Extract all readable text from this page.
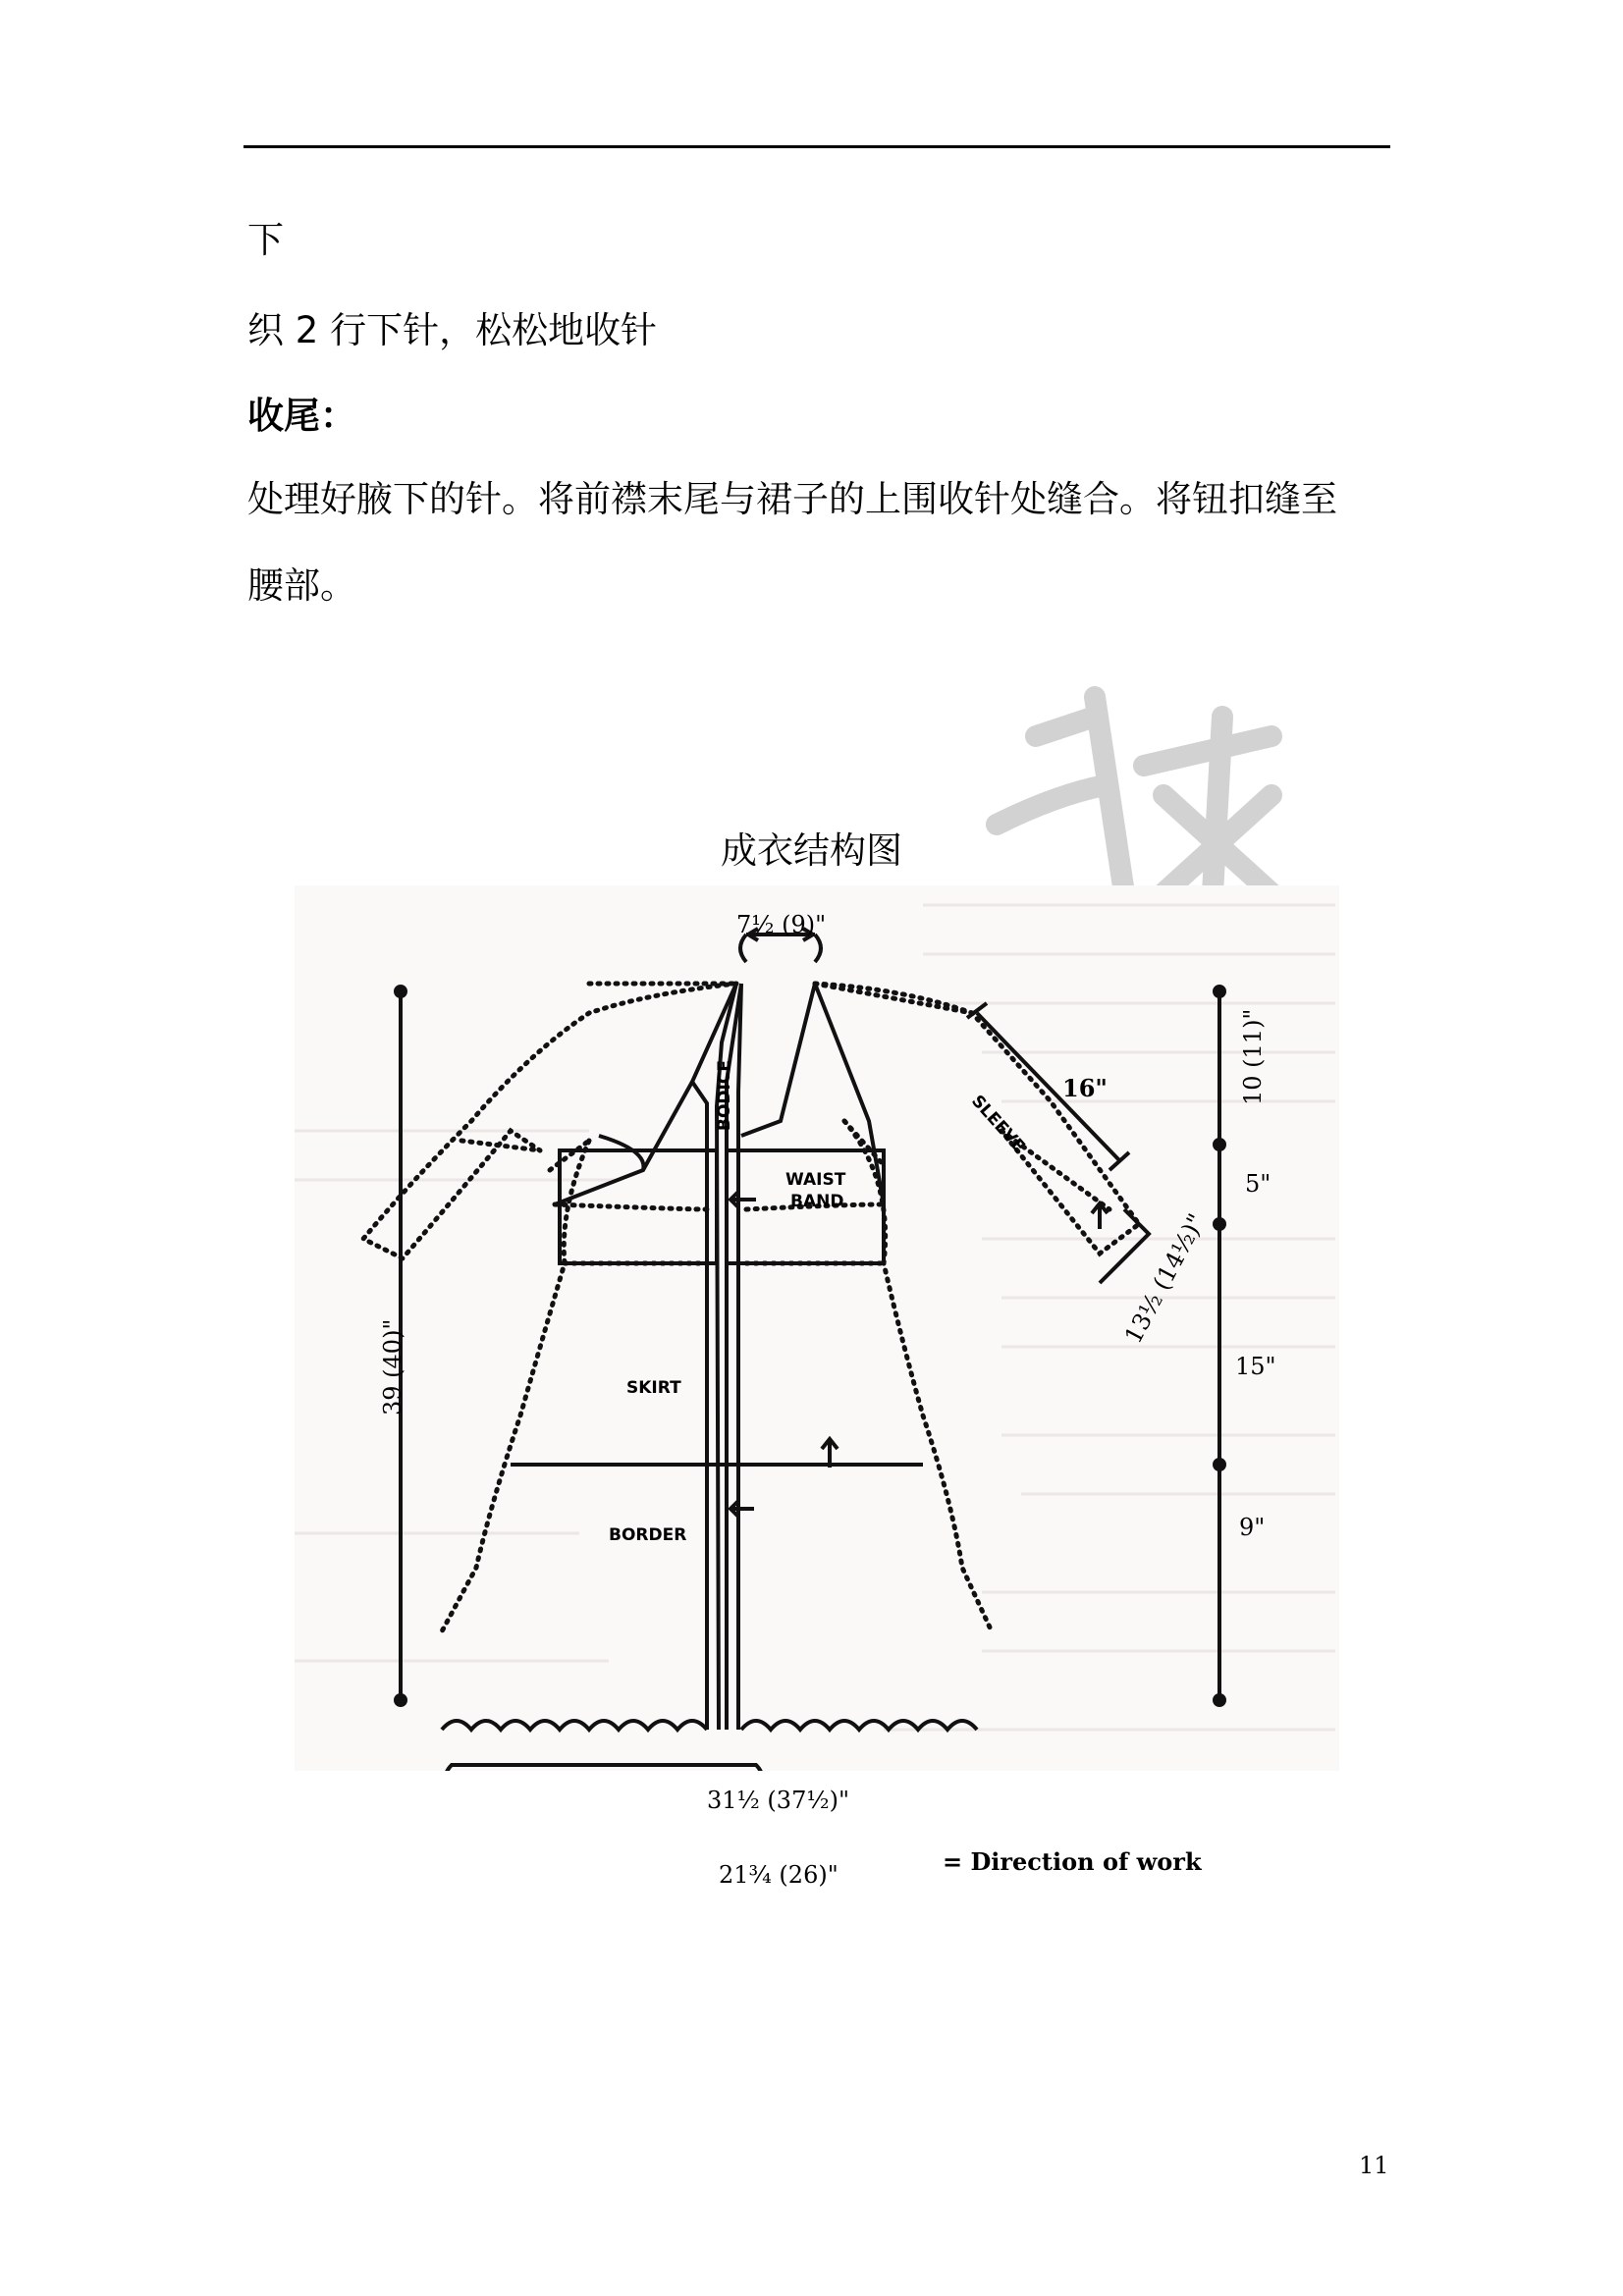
下
织 2 行下针，松松地收针
收尾：
处理好腋下的针。将前襟末尾与裙子的上围收针处缝合。将钮扣缝至
腰部。
成衣结构图
7½ (9)"
16"
SLEEVE
BODICE
WAIST
BAND
SKIRT
BORDER
39 (40)"
10 (11)"
5"
15"
9"
13½ (14½)"
31½ (37½)"
21¾ (26)"	= Direction of work
11
